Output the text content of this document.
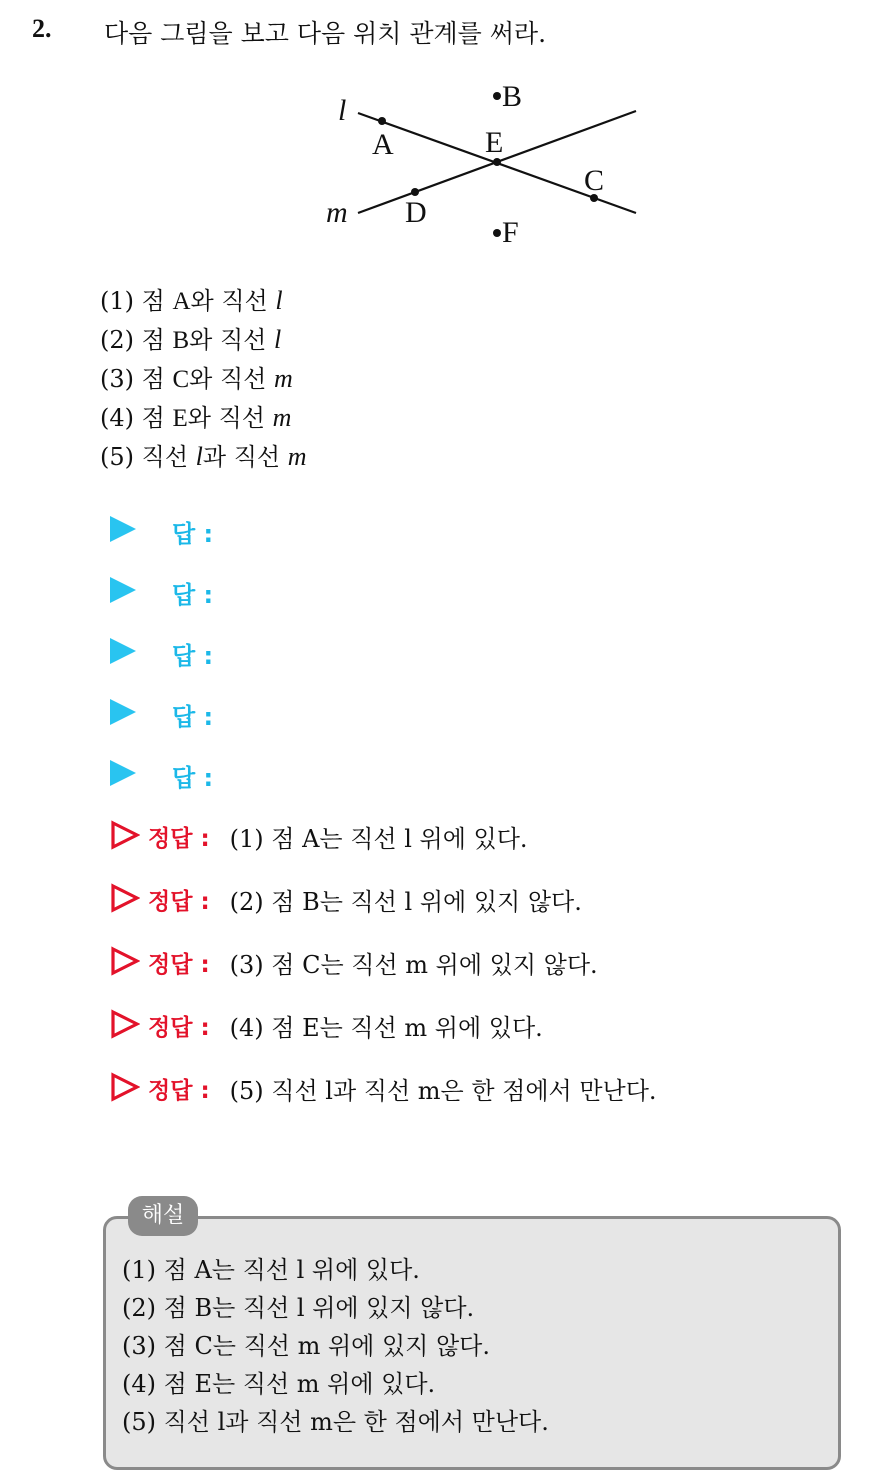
2. 다음 그림을 보고 다음 위치 관계를 써라.
l
m
A
B
C
D
E
F
(1) 점 A와 직선 l
(2) 점 B와 직선 l
(3) 점 C와 직선 m
(4) 점 E와 직선 m
(5) 직선 l과 직선 m
답 :
답 :
답 :
답 :
답 :
정답 : (1) 점 A는 직선 l 위에 있다.
정답 : (2) 점 B는 직선 l 위에 있지 않다.
정답 : (3) 점 C는 직선 m 위에 있지 않다.
정답 : (4) 점 E는 직선 m 위에 있다.
정답 : (5) 직선 l과 직선 m은 한 점에서 만난다.
해설
(1) 점 A는 직선 l 위에 있다.
(2) 점 B는 직선 l 위에 있지 않다.
(3) 점 C는 직선 m 위에 있지 않다.
(4) 점 E는 직선 m 위에 있다.
(5) 직선 l과 직선 m은 한 점에서 만난다.
